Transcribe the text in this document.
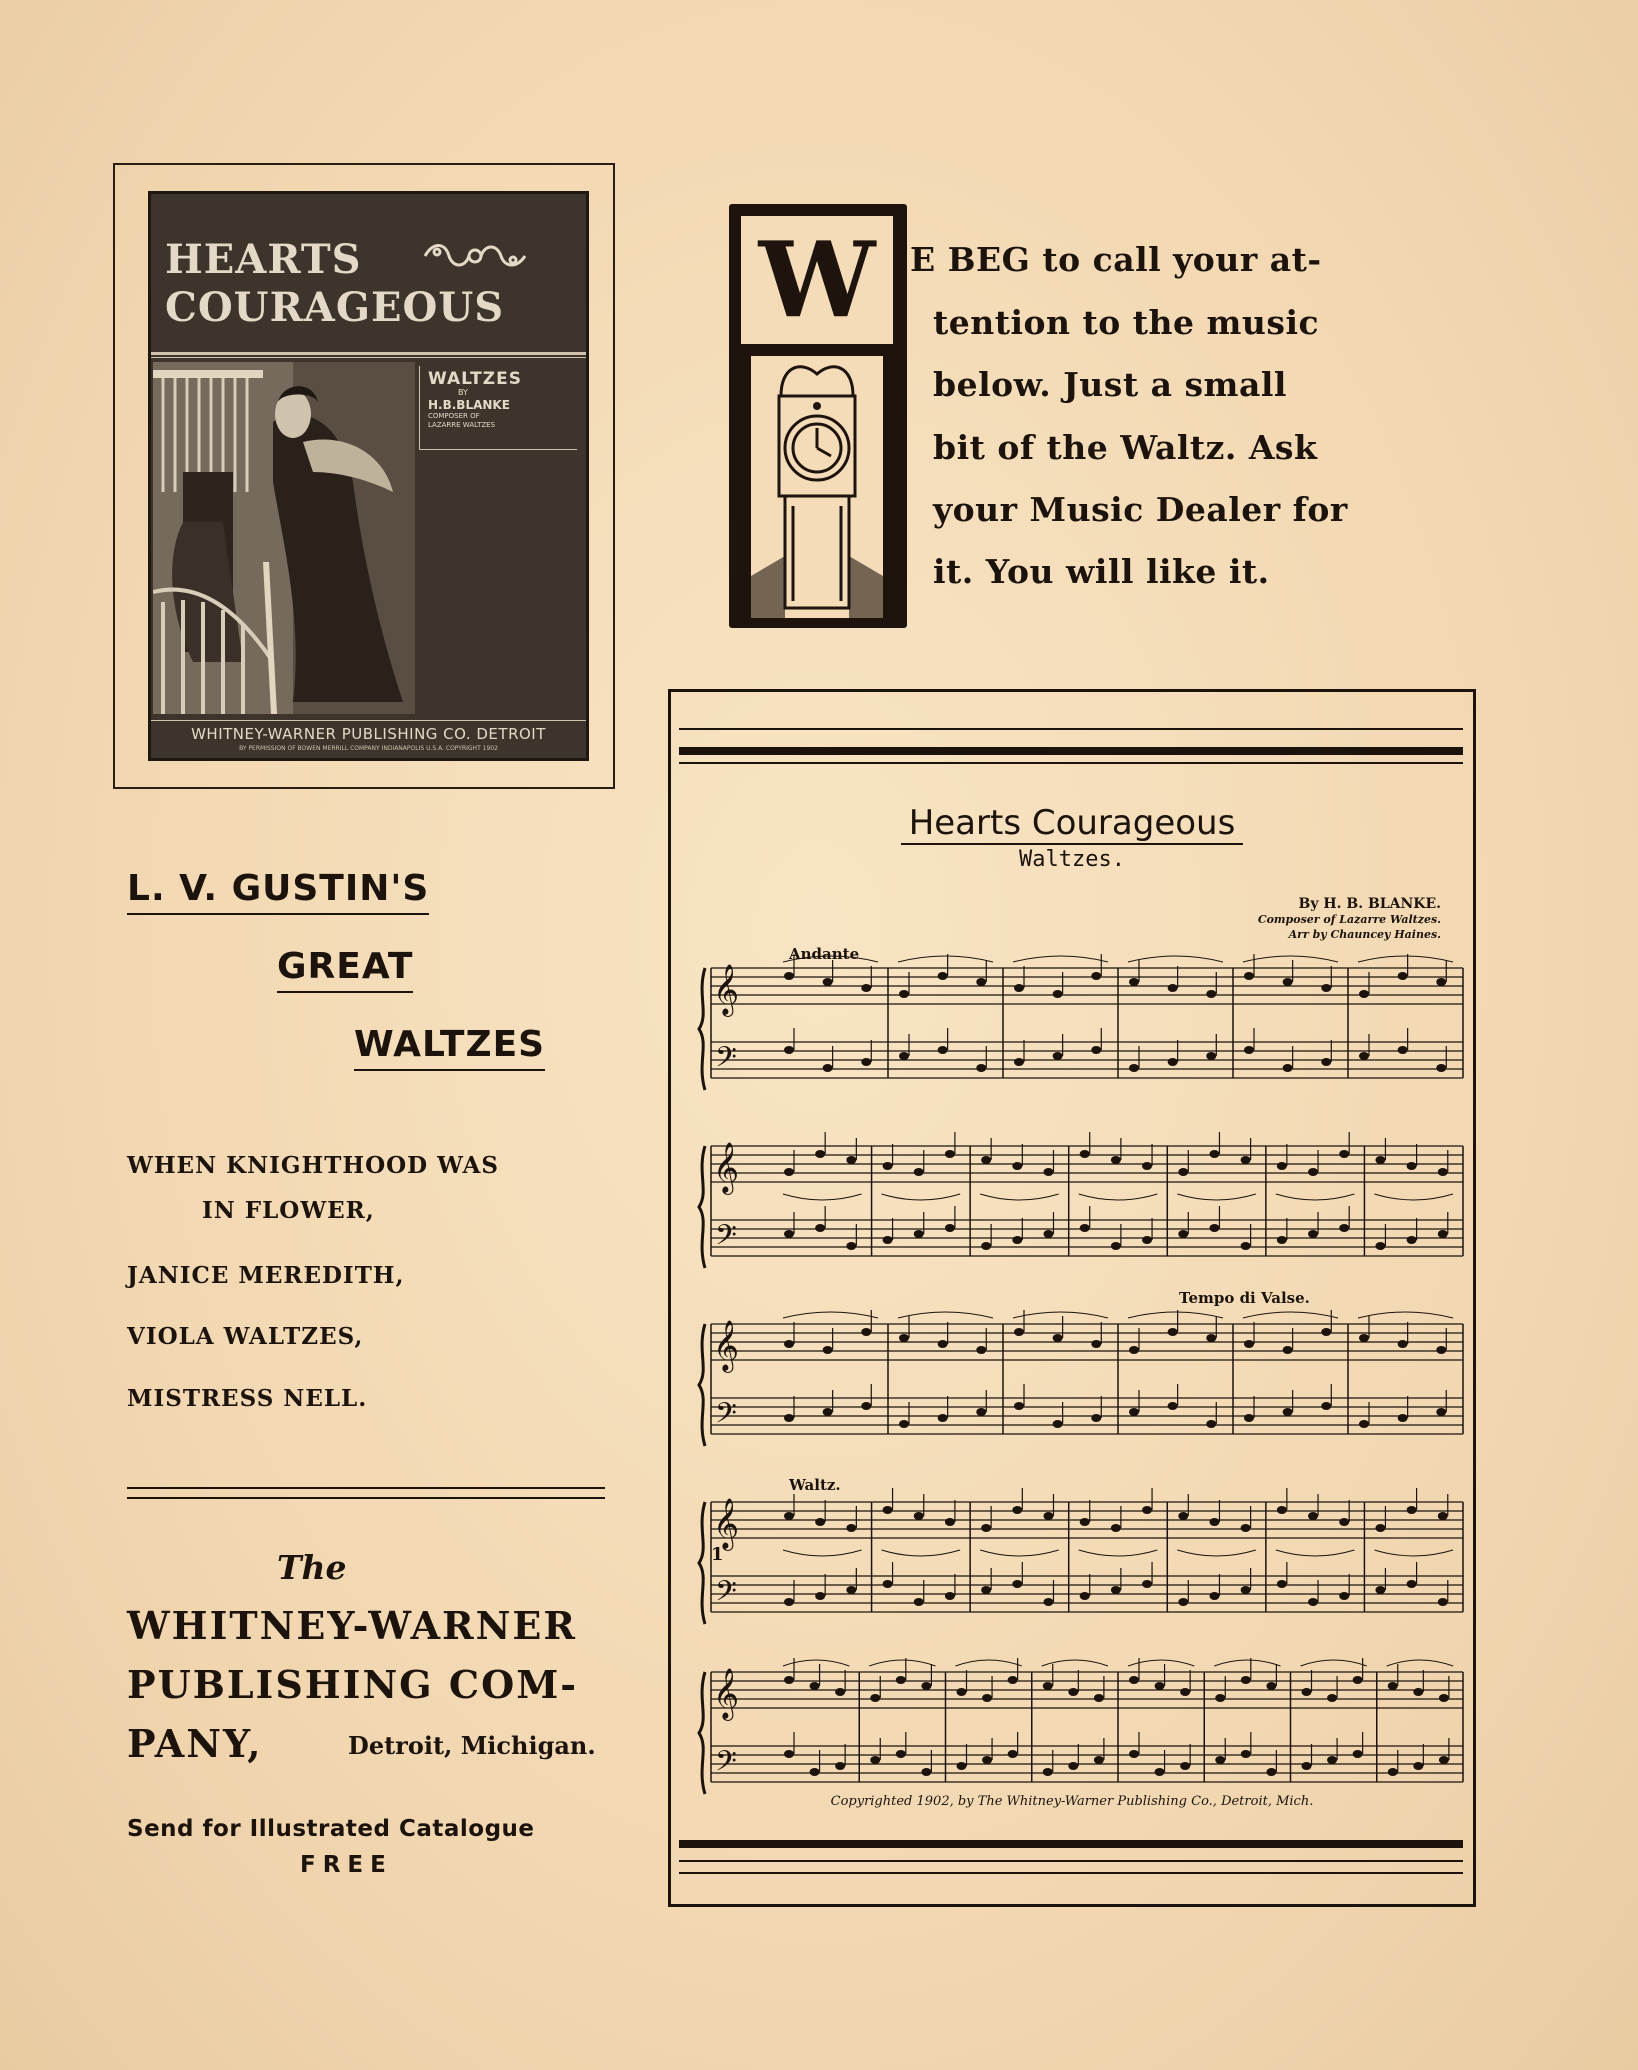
HEARTS
COURAGEOUS
WALTZES
BY
H.B.BLANKE
COMPOSER OF
LAZARRE WALTZES
WHITNEY-WARNER PUBLISHING CO. DETROIT
BY PERMISSION OF BOWEN MERRILL COMPANY INDIANAPOLIS U.S.A. COPYRIGHT 1902
L. V. GUSTIN'S
GREAT
WALTZES
WHEN KNIGHTHOOD WAS
IN FLOWER,
JANICE MEREDITH,
VIOLA WALTZES,
MISTRESS NELL.
The
WHITNEY-WARNER
PUBLISHING COM-
PANY,	Detroit, Michigan.
Send for Illustrated Catalogue
FREE
W	E BEG to call your at-
tention to the music
below. Just a small
bit of the Waltz. Ask
your Music Dealer for
it. You will like it.
Hearts Courageous
Waltzes.
By H. B. BLANKE.
Composer of Lazarre Waltzes.
Arr by Chauncey Haines.
Andante
Tempo di Valse.
Waltz.
1
𝄞
𝄢
𝄞
𝄢
𝄞
𝄢
𝄞
𝄢
𝄞
𝄢
Copyrighted 1902, by The Whitney-Warner Publishing Co., Detroit, Mich.
